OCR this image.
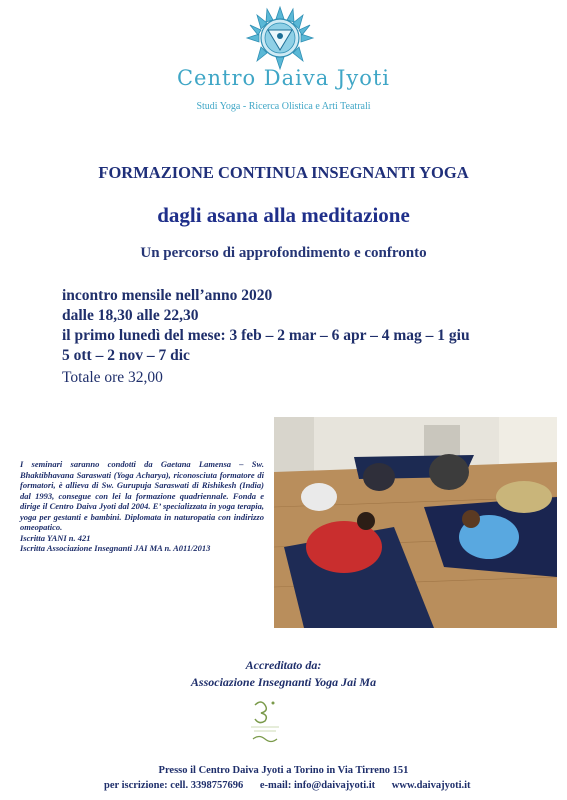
Centro Daiva Jyoti
Studi Yoga - Ricerca Olistica e Arti Teatrali
FORMAZIONE CONTINUA INSEGNANTI YOGA
dagli asana alla meditazione
Un percorso di approfondimento e confronto
incontro mensile nell’anno 2020
dalle 18,30 alle 22,30
il primo lunedì del mese: 3 feb – 2 mar – 6 apr – 4 mag – 1 giu
5 ott – 2 nov – 7 dic
Totale ore 32,00

I seminari saranno condotti da Gaetana Lamensa – Sw. Bhaktibhavana Saraswati (Yoga Acharya), riconosciuta formatore di formatori, è allieva di Sw. Gurupuja Saraswati di Rishikesh (India) dal 1993, consegue con lei la formazione quadriennale. Fonda e dirige il Centro Daiva Jyoti dal 2004. E’ specializzata in yoga terapia, yoga per gestanti e bambini. Diplomata in naturopatia con indirizzo omeopatico.

Iscritta YANI n. 421

Iscritta Associazione Insegnanti JAI MA n. A011/2013

Accreditato da:
Associazione Insegnanti Yoga Jai Ma
Presso il Centro Daiva Jyoti a Torino in Via Tirreno 151
per iscrizione: cell. 3398757696 e-mail: info@daivajyoti.it www.daivajyoti.it
